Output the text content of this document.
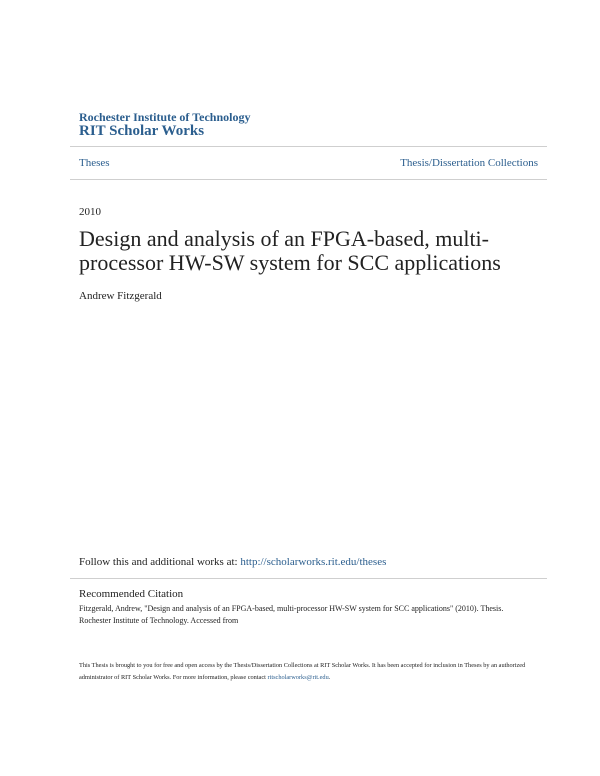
Rochester Institute of Technology
RIT Scholar Works
Theses	Thesis/Dissertation Collections
2010
Design and analysis of an FPGA-based, multi-processor HW-SW system for SCC applications
Andrew Fitzgerald
Follow this and additional works at: http://scholarworks.rit.edu/theses
Recommended Citation
Fitzgerald, Andrew, "Design and analysis of an FPGA-based, multi-processor HW-SW system for SCC applications" (2010). Thesis. Rochester Institute of Technology. Accessed from
This Thesis is brought to you for free and open access by the Thesis/Dissertation Collections at RIT Scholar Works. It has been accepted for inclusion in Theses by an authorized administrator of RIT Scholar Works. For more information, please contact ritscholarworks@rit.edu.
